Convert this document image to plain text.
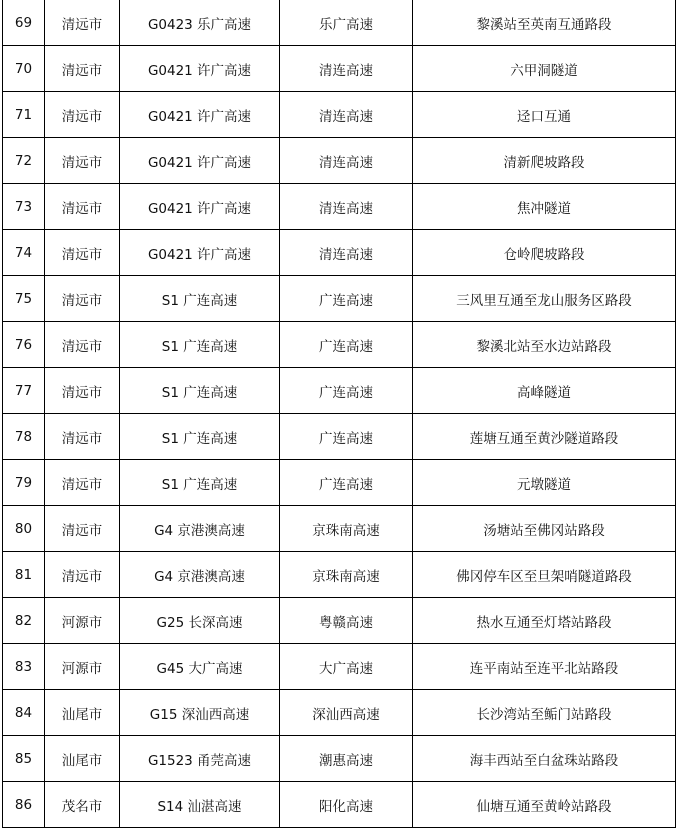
69	清远市	G0423 乐广高速	乐广高速	黎溪站至英南互通路段
70	清远市	G0421 许广高速	清连高速	六甲洞隧道
71	清远市	G0421 许广高速	清连高速	迳口互通
72	清远市	G0421 许广高速	清连高速	清新爬坡路段
73	清远市	G0421 许广高速	清连高速	焦冲隧道
74	清远市	G0421 许广高速	清连高速	仓岭爬坡路段
75	清远市	S1 广连高速	广连高速	三风里互通至龙山服务区路段
76	清远市	S1 广连高速	广连高速	黎溪北站至水边站路段
77	清远市	S1 广连高速	广连高速	高峰隧道
78	清远市	S1 广连高速	广连高速	莲塘互通至黄沙隧道路段
79	清远市	S1 广连高速	广连高速	元墩隧道
80	清远市	G4 京港澳高速	京珠南高速	汤塘站至佛冈站路段
81	清远市	G4 京港澳高速	京珠南高速	佛冈停车区至旦架哨隧道路段
82	河源市	G25 长深高速	粤赣高速	热水互通至灯塔站路段
83	河源市	G45 大广高速	大广高速	连平南站至连平北站路段
84	汕尾市	G15 深汕西高速	深汕西高速	长沙湾站至鲘门站路段
85	汕尾市	G1523 甬莞高速	潮惠高速	海丰西站至白盆珠站路段
86	茂名市	S14 汕湛高速	阳化高速	仙塘互通至黄岭站路段
